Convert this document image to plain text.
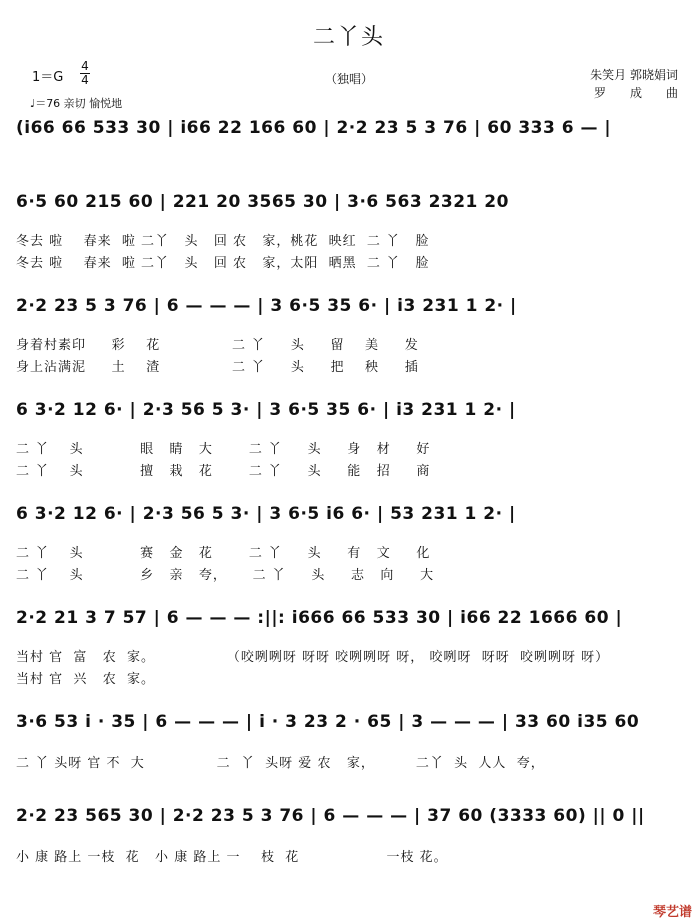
二丫头
（独唱）
1＝G
4
4
♩＝76 亲切 愉悦地
朱笑月 郭晓娟词
罗　　成　　曲
(i66 66 533 30 | i66 22 166 60 | 2·2 23 5 3 76 | 60 333 6 — |
6·5 60 215 60 | 221 20 3565 30 | 3·6 563 2321 20
冬去 啦    春来  啦 二丫   头   回 农   家，桃花  映红  二 丫   脸
冬去 啦    春来  啦 二丫   头   回 农   家，太阳  晒黑  二 丫   脸
2·2 23 5 3 76 | 6 — — — | 3 6·5 35 6· | i3 231 1 2· |
身着村素印     彩    花              二 丫     头     留    美     发
身上沾满泥     土    渣              二 丫     头     把    秧     插
6 3·2 12 6· | 2·3 56 5 3· | 3 6·5 35 6· | i3 231 1 2· |
二 丫    头           眼   睛   大       二 丫     头     身   材     好
二 丫    头           擅   栽   花       二 丫     头     能   招     商
6 3·2 12 6· | 2·3 56 5 3· | 3 6·5 i6 6· | 53 231 1 2· |
二 丫    头           赛   金   花       二 丫     头     有   文     化
二 丫    头           乡   亲   夸，     二 丫     头     志   向     大
2·2 21 3 7 57 | 6 — — — :||: i666 66 533 30 | i66 22 1666 60 |
当村 官  富   农  家。              （咬咧咧呀 呀呀 咬咧咧呀 呀， 咬咧呀  呀呀  咬咧咧呀 呀）
当村 官  兴   农  家。
3·6 53 i · 35 | 6 — — — | i · 3 23 2 · 65 | 3 — — — | 33 60 i35 60
二 丫 头呀 官 不  大              二  丫  头呀 爱 农   家，        二丫  头  人人  夸，
2·2 23 565 30 | 2·2 23 5 3 76 | 6 — — — | 37 60 (3333 60) || 0 ||
小 康 路上 一枝  花   小 康 路上 一    枝  花                 一枝 花。
琴艺谱
